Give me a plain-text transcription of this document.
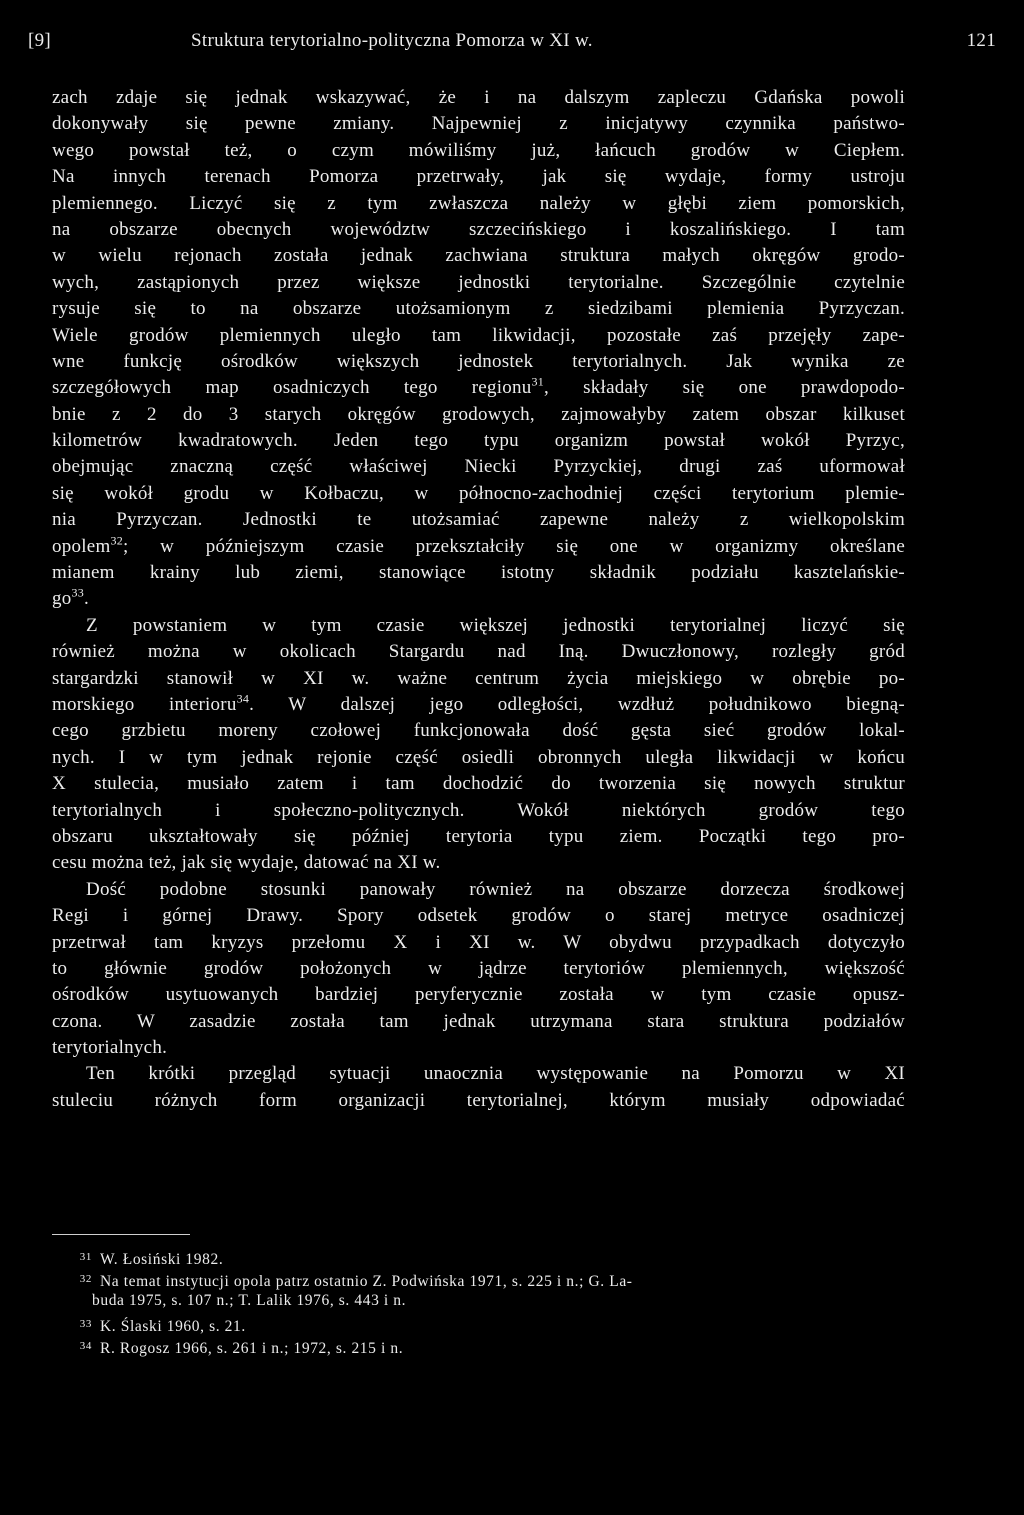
[9]	Struktura terytorialno-polityczna Pomorza w XI w.	121
zach zdaje się jednak wskazywać, że i na dalszym zapleczu Gdańska powoli
dokonywały się pewne zmiany. Najpewniej z inicjatywy czynnika państwo-
wego powstał też, o czym mówiliśmy już, łańcuch grodów w Ciepłem.
Na innych terenach Pomorza przetrwały, jak się wydaje, formy ustroju
plemiennego. Liczyć się z tym zwłaszcza należy w głębi ziem pomorskich,
na obszarze obecnych województw szczecińskiego i koszalińskiego. I tam
w wielu rejonach została jednak zachwiana struktura małych okręgów grodo-
wych, zastąpionych przez większe jednostki terytorialne. Szczególnie czytelnie
rysuje się to na obszarze utożsamionym z siedzibami plemienia Pyrzyczan.
Wiele grodów plemiennych uległo tam likwidacji, pozostałe zaś przejęły zape-
wne funkcję ośrodków większych jednostek terytorialnych. Jak wynika ze
szczegółowych map osadniczych tego regionu$^{31}$, składały się one prawdopodo-
bnie z 2 do 3 starych okręgów grodowych, zajmowałyby zatem obszar kilkuset
kilometrów kwadratowych. Jeden tego typu organizm powstał wokół Pyrzyc,
obejmując znaczną część właściwej Niecki Pyrzyckiej, drugi zaś uformował
się wokół grodu w Kołbaczu, w północno-zachodniej części terytorium plemie-
nia Pyrzyczan. Jednostki te utożsamiać zapewne należy z wielkopolskim
opolem$^{32}$; w późniejszym czasie przekształciły się one w organizmy określane
mianem krainy lub ziemi, stanowiące istotny składnik podziału kasztelańskie-
$go^{33}$.
Z powstaniem w tym czasie większej jednostki terytorialnej liczyć się
również można w okolicach Stargardu nad Iną. Dwuczłonowy, rozległy gród
stargardzki stanowił w XI w. ważne centrum życia miejskiego w obrębie po-
morskiego interioru$^{34}$. W dalszej jego odległości, wzdłuż południkowo biegną-
cego grzbietu moreny czołowej funkcjonowała dość gęsta sieć grodów lokal-
nych. I w tym jednak rejonie część osiedli obronnych uległa likwidacji w końcu
X stulecia, musiało zatem i tam dochodzić do tworzenia się nowych struktur
terytorialnych i społeczno-politycznych. Wokół niektórych grodów tego
obszaru ukształtowały się później terytoria typu ziem. Początki tego pro-
cesu można też, jak się wydaje, datować na XI w.
Dość podobne stosunki panowały również na obszarze dorzecza środkowej
Regi i górnej Drawy. Spory odsetek grodów o starej metryce osadniczej
przetrwał tam kryzys przełomu X i XI w. W obydwu przypadkach dotyczyło
to głównie grodów położonych w jądrze terytoriów plemiennych, większość
ośrodków usytuowanych bardziej peryferycznie została w tym czasie opusz-
czona. W zasadzie została tam jednak utrzymana stara struktura podziałów
terytorialnych.
Ten krótki przegląd sytuacji unaocznia występowanie na Pomorzu w XI
stuleciu różnych form organizacji terytorialnej, którym musiały odpowiadać
31 W. Łosiński 1982.
32 Na temat instytucji opola patrz ostatnio Z. Podwińska 1971, s. 225 i n.; G. La-
buda 1975, s. 107 n.; T. Lalik 1976, s. 443 i n.
33 K. Ślaski 1960, s. 21.
34 R. Rogosz 1966, s. 261 i n.; 1972, s. 215 i n.
